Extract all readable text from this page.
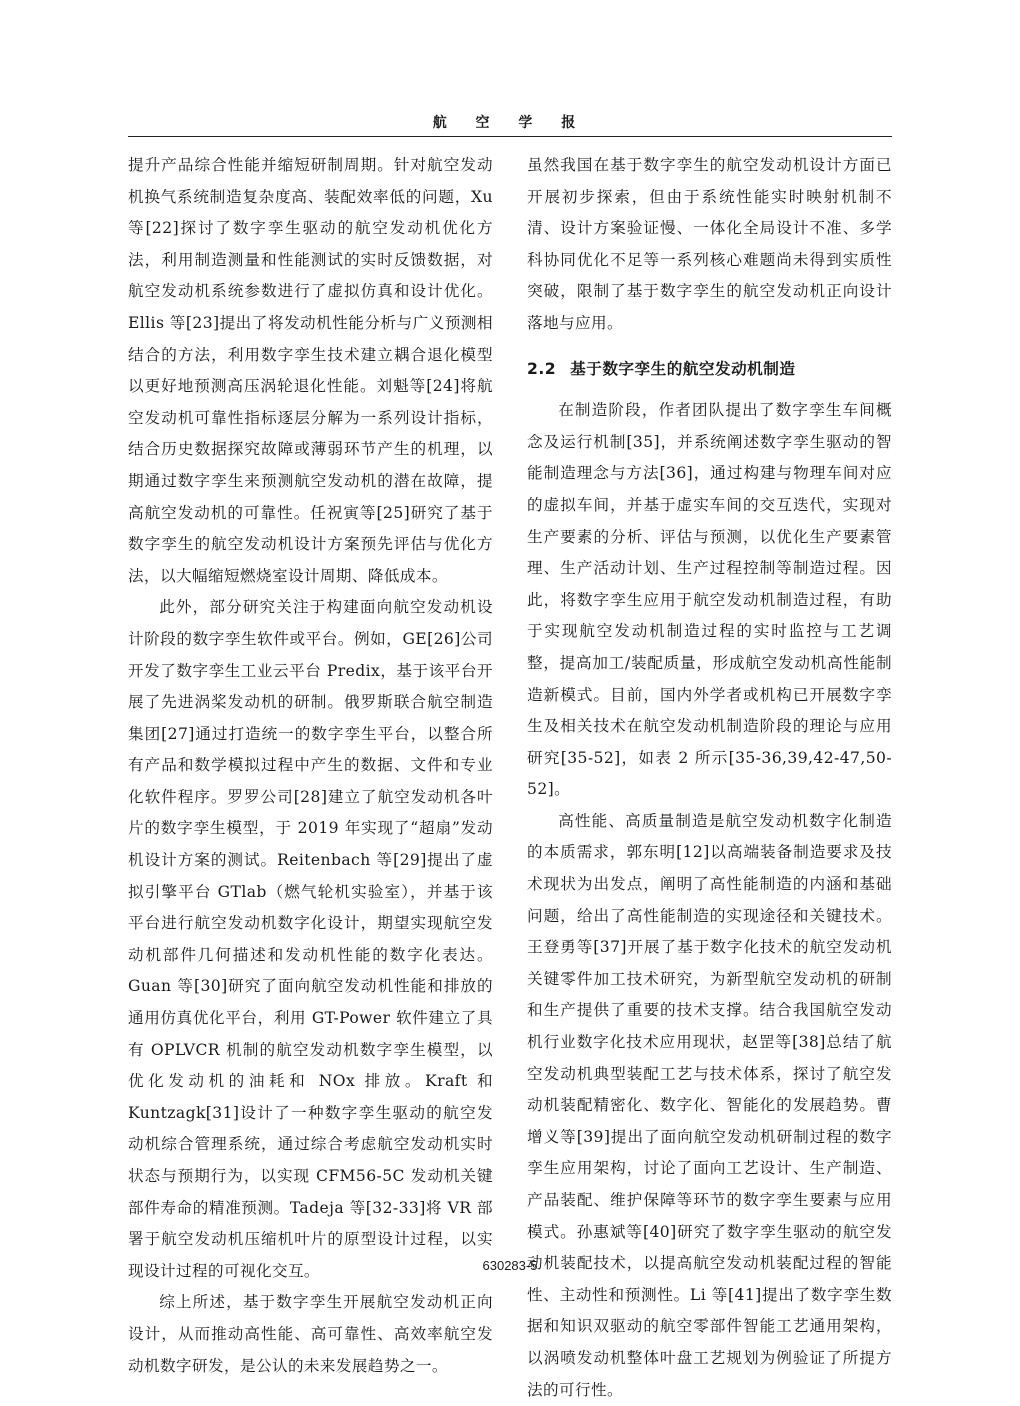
航 空 学 报

提升产品综合性能并缩短研制周期。针对航空发动机换气系统制造复杂度高、装配效率低的问题，Xu 等[22]探讨了数字孪生驱动的航空发动机优化方法，利用制造测量和性能测试的实时反馈数据，对航空发动机系统参数进行了虚拟仿真和设计优化。Ellis 等[23]提出了将发动机性能分析与广义预测相结合的方法，利用数字孪生技术建立耦合退化模型以更好地预测高压涡轮退化性能。刘魁等[24]将航空发动机可靠性指标逐层分解为一系列设计指标，结合历史数据探究故障或薄弱环节产生的机理，以期通过数字孪生来预测航空发动机的潜在故障，提高航空发动机的可靠性。任祝寅等[25]研究了基于数字孪生的航空发动机设计方案预先评估与优化方法，以大幅缩短燃烧室设计周期、降低成本。

此外，部分研究关注于构建面向航空发动机设计阶段的数字孪生软件或平台。例如，GE[26]公司开发了数字孪生工业云平台 Predix，基于该平台开展了先进涡桨发动机的研制。俄罗斯联合航空制造集团[27]通过打造统一的数字孪生平台，以整合所有产品和数学模拟过程中产生的数据、文件和专业化软件程序。罗罗公司[28]建立了航空发动机各叶片的数字孪生模型，于 2019 年实现了“超扇”发动机设计方案的测试。Reitenbach 等[29]提出了虚拟引擎平台 GTlab（燃气轮机实验室），并基于该平台进行航空发动机数字化设计，期望实现航空发动机部件几何描述和发动机性能的数字化表达。Guan 等[30]研究了面向航空发动机性能和排放的通用仿真优化平台，利用 GT-Power 软件建立了具有 OPLVCR 机制的航空发动机数字孪生模型，以优化发动机的油耗和 NOx 排放。Kraft 和 Kuntzagk[31]设计了一种数字孪生驱动的航空发动机综合管理系统，通过综合考虑航空发动机实时状态与预期行为，以实现 CFM56-5C 发动机关键部件寿命的精准预测。Tadeja 等[32-33]将 VR 部署于航空发动机压缩机叶片的原型设计过程，以实现设计过程的可视化交互。

综上所述，基于数字孪生开展航空发动机正向设计，从而推动高性能、高可靠性、高效率航空发动机数字研发，是公认的未来发展趋势之一。

虽然我国在基于数字孪生的航空发动机设计方面已开展初步探索，但由于系统性能实时映射机制不清、设计方案验证慢、一体化全局设计不准、多学科协同优化不足等一系列核心难题尚未得到实质性突破，限制了基于数字孪生的航空发动机正向设计落地与应用。

2.2 基于数字孪生的航空发动机制造

在制造阶段，作者团队提出了数字孪生车间概念及运行机制[35]，并系统阐述数字孪生驱动的智能制造理念与方法[36]，通过构建与物理车间对应的虚拟车间，并基于虚实车间的交互迭代，实现对生产要素的分析、评估与预测，以优化生产要素管理、生产活动计划、生产过程控制等制造过程。因此，将数字孪生应用于航空发动机制造过程，有助于实现航空发动机制造过程的实时监控与工艺调整，提高加工/装配质量，形成航空发动机高性能制造新模式。目前，国内外学者或机构已开展数字孪生及相关技术在航空发动机制造阶段的理论与应用研究[35-52]，如表 2 所示[35-36,39,42-47,50-52]。

高性能、高质量制造是航空发动机数字化制造的本质需求，郭东明[12]以高端装备制造要求及技术现状为出发点，阐明了高性能制造的内涵和基础问题，给出了高性能制造的实现途径和关键技术。王登勇等[37]开展了基于数字化技术的航空发动机关键零件加工技术研究，为新型航空发动机的研制和生产提供了重要的技术支撑。结合我国航空发动机行业数字化技术应用现状，赵罡等[38]总结了航空发动机典型装配工艺与技术体系，探讨了航空发动机装配精密化、数字化、智能化的发展趋势。曹增义等[39]提出了面向航空发动机研制过程的数字孪生应用架构，讨论了面向工艺设计、生产制造、产品装配、维护保障等环节的数字孪生要素与应用模式。孙惠斌等[40]研究了数字孪生驱动的航空发动机装配技术，以提高航空发动机装配过程的智能性、主动性和预测性。Li 等[41]提出了数字孪生数据和知识双驱动的航空零部件智能工艺通用架构，以涡喷发动机整体叶盘工艺规划为例验证了所提方法的可行性。

630283-5
